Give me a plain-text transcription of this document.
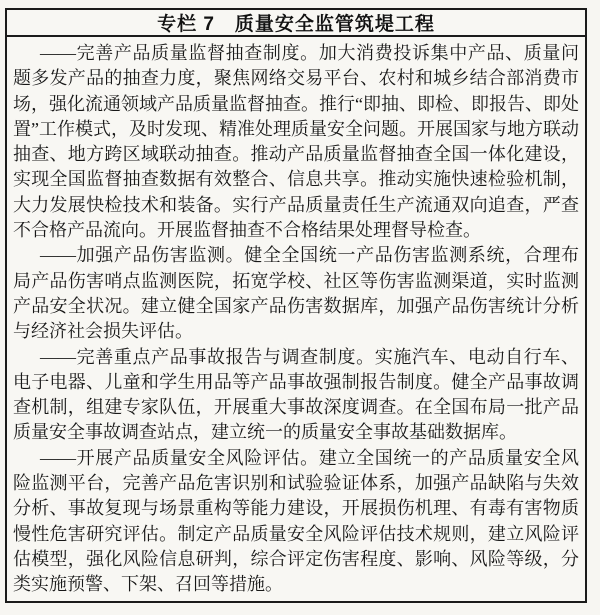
专栏 7　质量安全监管筑堤工程

——完善产品质量监督抽查制度。加大消费投诉集中产品、质量问题多发产品的抽查力度，聚焦网络交易平台、农村和城乡结合部消费市场，强化流通领域产品质量监督抽查。推行“即抽、即检、即报告、即处置”工作模式，及时发现、精准处理质量安全问题。开展国家与地方联动抽查、地方跨区域联动抽查。推动产品质量监督抽查全国一体化建设，实现全国监督抽查数据有效整合、信息共享。推动实施快速检验机制，大力发展快检技术和装备。实行产品质量责任生产流通双向追查，严查不合格产品流向。开展监督抽查不合格结果处理督导检查。

——加强产品伤害监测。健全全国统一产品伤害监测系统，合理布局产品伤害哨点监测医院，拓宽学校、社区等伤害监测渠道，实时监测产品安全状况。建立健全国家产品伤害数据库，加强产品伤害统计分析与经济社会损失评估。

——完善重点产品事故报告与调查制度。实施汽车、电动自行车、电子电器、儿童和学生用品等产品事故强制报告制度。健全产品事故调查机制，组建专家队伍，开展重大事故深度调查。在全国布局一批产品质量安全事故调查站点，建立统一的质量安全事故基础数据库。

——开展产品质量安全风险评估。建立全国统一的产品质量安全风险监测平台，完善产品危害识别和试验验证体系，加强产品缺陷与失效分析、事故复现与场景重构等能力建设，开展损伤机理、有毒有害物质慢性危害研究评估。制定产品质量安全风险评估技术规则，建立风险评估模型，强化风险信息研判，综合评定伤害程度、影响、风险等级，分类实施预警、下架、召回等措施。
